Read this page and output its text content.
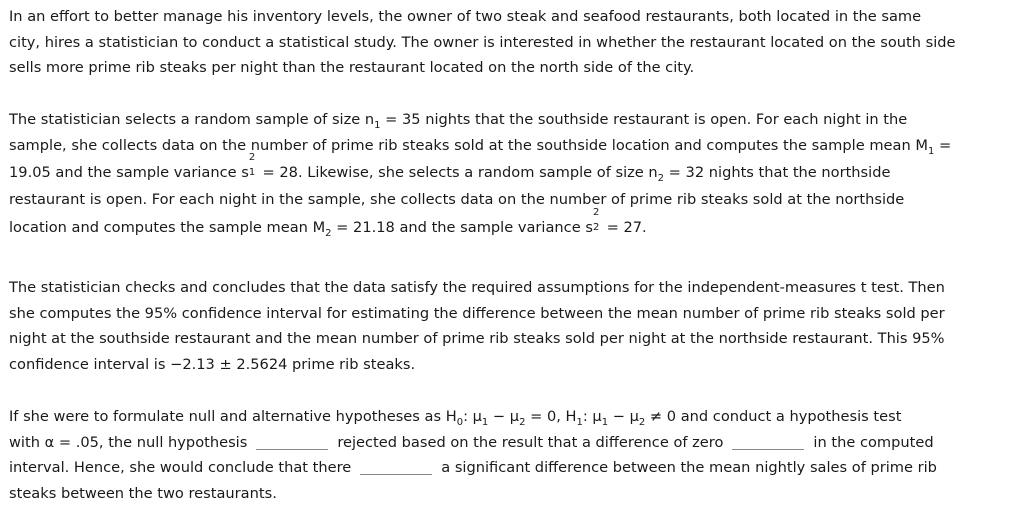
In an effort to better manage his inventory levels, the owner of two steak and seafood restaurants, both located in the same
city, hires a statistician to conduct a statistical study. The owner is interested in whether the restaurant located on the south side
sells more prime rib steaks per night than the restaurant located on the north side of the city.

The statistician selects a random sample of size $n_1 = 35$ nights that the southside restaurant is open. For each night in the
sample, she collects data on the number of prime rib steaks sold at the southside location and computes the sample mean $M_1$ =
19.05 and the sample variance s
2
1 = 28. Likewise, she selects a random sample of size $n_2 = 32$ nights that the northside
restaurant is open. For each night in the sample, she collects data on the number of prime rib steaks sold at the northside
location and computes the sample mean $M_2 = 21.18$ and the sample variance s
2
2 = 27.

The statistician checks and concludes that the data satisfy the required assumptions for the independent-measures t test. Then
she computes the 95% confidence interval for estimating the difference between the mean number of prime rib steaks sold per
night at the southside restaurant and the mean number of prime rib steaks sold per night at the northside restaurant. This 95%
confidence interval is −2.13 ± 2.5624 prime rib steaks.

If she were to formulate null and alternative hypotheses as $H_0$: $\mu_1 - \mu_2 = 0$, $H_1$: $\mu_1 - \mu_2 \ne 0$ and conduct a hypothesis test
with α = .05, the null hypothesis	rejected based on the result that a difference of zero	in the computed
interval. Hence, she would conclude that there	a significant difference between the mean nightly sales of prime rib
steaks between the two restaurants.
